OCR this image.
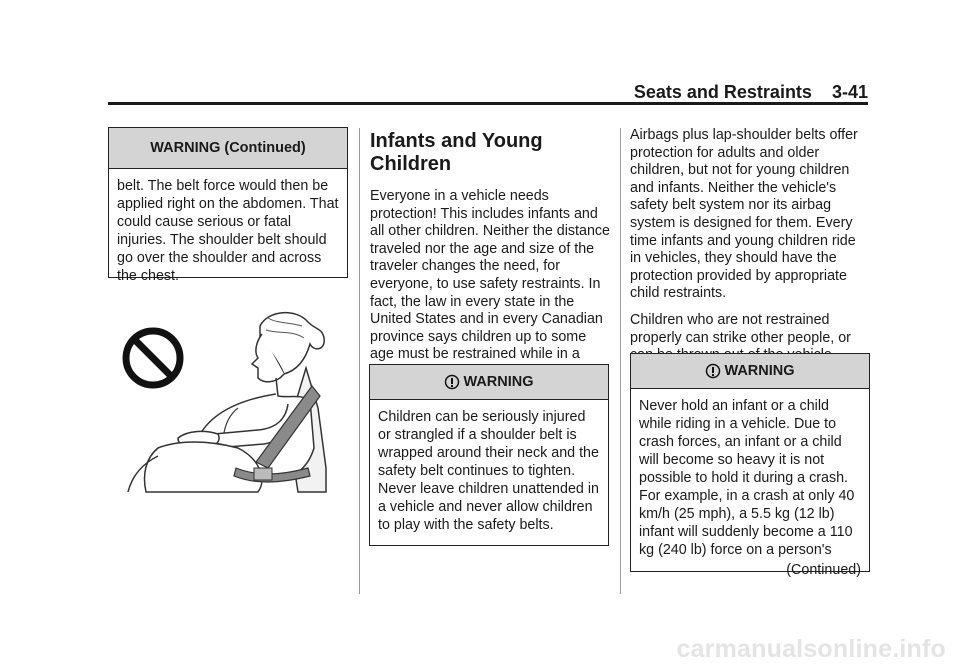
Seats and Restraints 3-41
WARNING (Continued)
belt. The belt force would then be applied right on the abdomen. That could cause serious or fatal injuries. The shoulder belt should go over the shoulder and across the chest.
Infants and Young Children

Everyone in a vehicle needs protection! This includes infants and all other children. Neither the distance traveled nor the age and size of the traveler changes the need, for everyone, to use safety restraints. In fact, the law in every state in the United States and in every Canadian province says children up to some age must be restrained while in a

WARNING
Children can be seriously injured or strangled if a shoulder belt is wrapped around their neck and the safety belt continues to tighten. Never leave children unattended in a vehicle and never allow children to play with the safety belts.

Airbags plus lap-shoulder belts offer protection for adults and older children, but not for young children and infants. Neither the vehicle's safety belt system nor its airbag system is designed for them. Every time infants and young children ride in vehicles, they should have the protection provided by appropriate child restraints.

Children who are not restrained properly can strike other people, or

WARNING
Never hold an infant or a child while riding in a vehicle. Due to crash forces, an infant or a child will become so heavy it is not possible to hold it during a crash. For example, in a crash at only 40 km/h (25 mph), a 5.5 kg (12 lb) infant will suddenly become a 110 kg (240 lb) force on a person's
(Continued)
carmanualsonline.info
